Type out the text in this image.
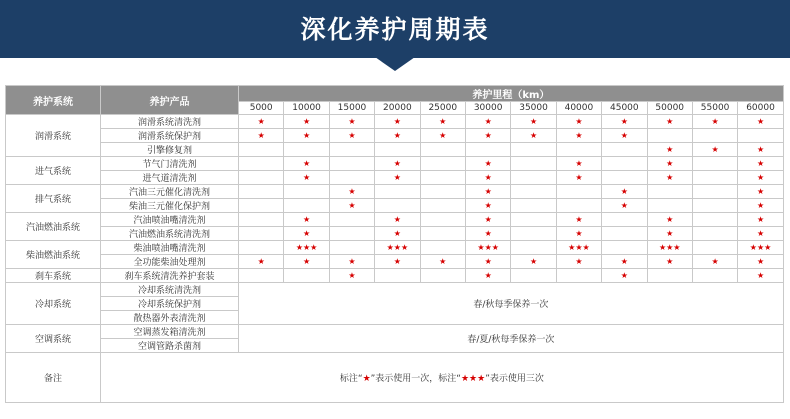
深化养护周期表
养护系统	养护产品	养护里程（km）											
		5000	10000	15000	20000	25000	30000	35000	40000	45000	50000	55000	60000
润滑系统	润滑系统清洗剂	★	★	★	★	★	★	★	★	★	★	★	★
	润滑系统保护剂	★	★	★	★	★	★	★	★	★			
	引擎修复剂										★	★	★
进气系统	节气门清洗剂		★		★		★		★		★		★
	进气道清洗剂		★		★		★		★		★		★
排气系统	汽油三元催化清洗剂			★			★			★			★
	柴油三元催化保护剂			★			★			★			★
汽油燃油系统	汽油喷油嘴清洗剂		★		★		★		★		★		★
	汽油燃油系统清洗剂		★		★		★		★		★		★
柴油燃油系统	柴油喷油嘴清洗剂		★★★		★★★		★★★		★★★		★★★		★★★
	全功能柴油处理剂	★	★	★	★	★	★	★	★	★	★	★	★
刹车系统	刹车系统清洗养护套装			★			★			★			★
冷却系统	冷却系统清洗剂	春/秋每季保养一次											
	冷却系统保护剂												
	散热器外表清洗剂												
空调系统	空调蒸发箱清洗剂	春/夏/秋每季保养一次											
	空调管路杀菌剂												
备注	标注“★”表示使用一次，标注“★★★”表示使用三次												
